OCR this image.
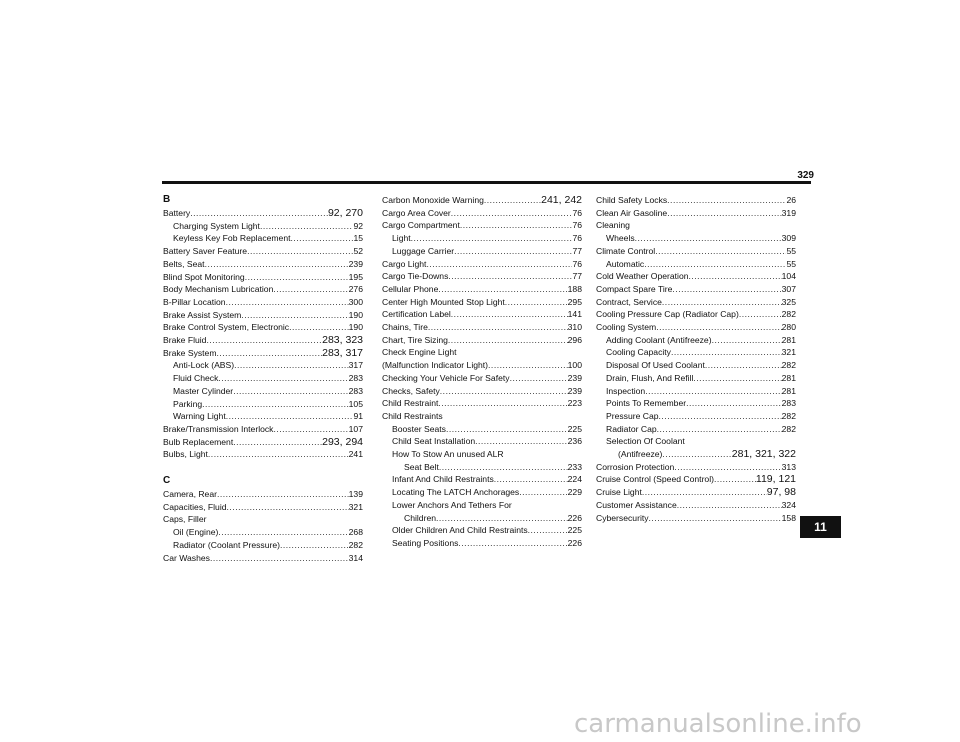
329
B
Battery .....	92, 270
Charging System Light .....	92
Keyless Key Fob Replacement .....	15
Battery Saver Feature .....	52
Belts, Seat .....	239
Blind Spot Monitoring .....	195
Body Mechanism Lubrication .....	276
B-Pillar Location .....	300
Brake Assist System .....	190
Brake Control System, Electronic .....	190
Brake Fluid .....	283, 323
Brake System .....	283, 317
Anti-Lock (ABS) .....	317
Fluid Check .....	283
Master Cylinder .....	283
Parking .....	105
Warning Light .....	91
Brake/Transmission Interlock .....	107
Bulb Replacement .....	293, 294
Bulbs, Light .....	241
C
Camera, Rear .....	139
Capacities, Fluid .....	321
Caps, Filler
Oil (Engine) .....	268
Radiator (Coolant Pressure) .....	282
Car Washes .....	314
Carbon Monoxide Warning .....	241, 242
Cargo Area Cover .....	76
Cargo Compartment .....	76
Light .....	76
Luggage Carrier .....	77
Cargo Light .....	76
Cargo Tie-Downs .....	77
Cellular Phone .....	188
Center High Mounted Stop Light .....	295
Certification Label .....	141
Chains, Tire .....	310
Chart, Tire Sizing .....	296
Check Engine Light
(Malfunction Indicator Light) .....	100
Checking Your Vehicle For Safety .....	239
Checks, Safety .....	239
Child Restraint .....	223
Child Restraints
Booster Seats .....	225
Child Seat Installation .....	236
How To Stow An unused ALR
Seat Belt .....	233
Infant And Child Restraints .....	224
Locating The LATCH Anchorages .....	229
Lower Anchors And Tethers For
Children .....	226
Older Children And Child Restraints .....	225
Seating Positions .....	226
Child Safety Locks .....	26
Clean Air Gasoline .....	319
Cleaning
Wheels .....	309
Climate Control .....	55
Automatic .....	55
Cold Weather Operation .....	104
Compact Spare Tire .....	307
Contract, Service .....	325
Cooling Pressure Cap (Radiator Cap) .....	282
Cooling System .....	280
Adding Coolant (Antifreeze) .....	281
Cooling Capacity .....	321
Disposal Of Used Coolant .....	282
Drain, Flush, And Refill .....	281
Inspection .....	281
Points To Remember .....	283
Pressure Cap .....	282
Radiator Cap .....	282
Selection Of Coolant
(Antifreeze) .....	281, 321, 322
Corrosion Protection .....	313
Cruise Control (Speed Control) .....	119, 121
Cruise Light .....	97, 98
Customer Assistance .....	324
Cybersecurity .....	158
11
carmanualsonline.info
